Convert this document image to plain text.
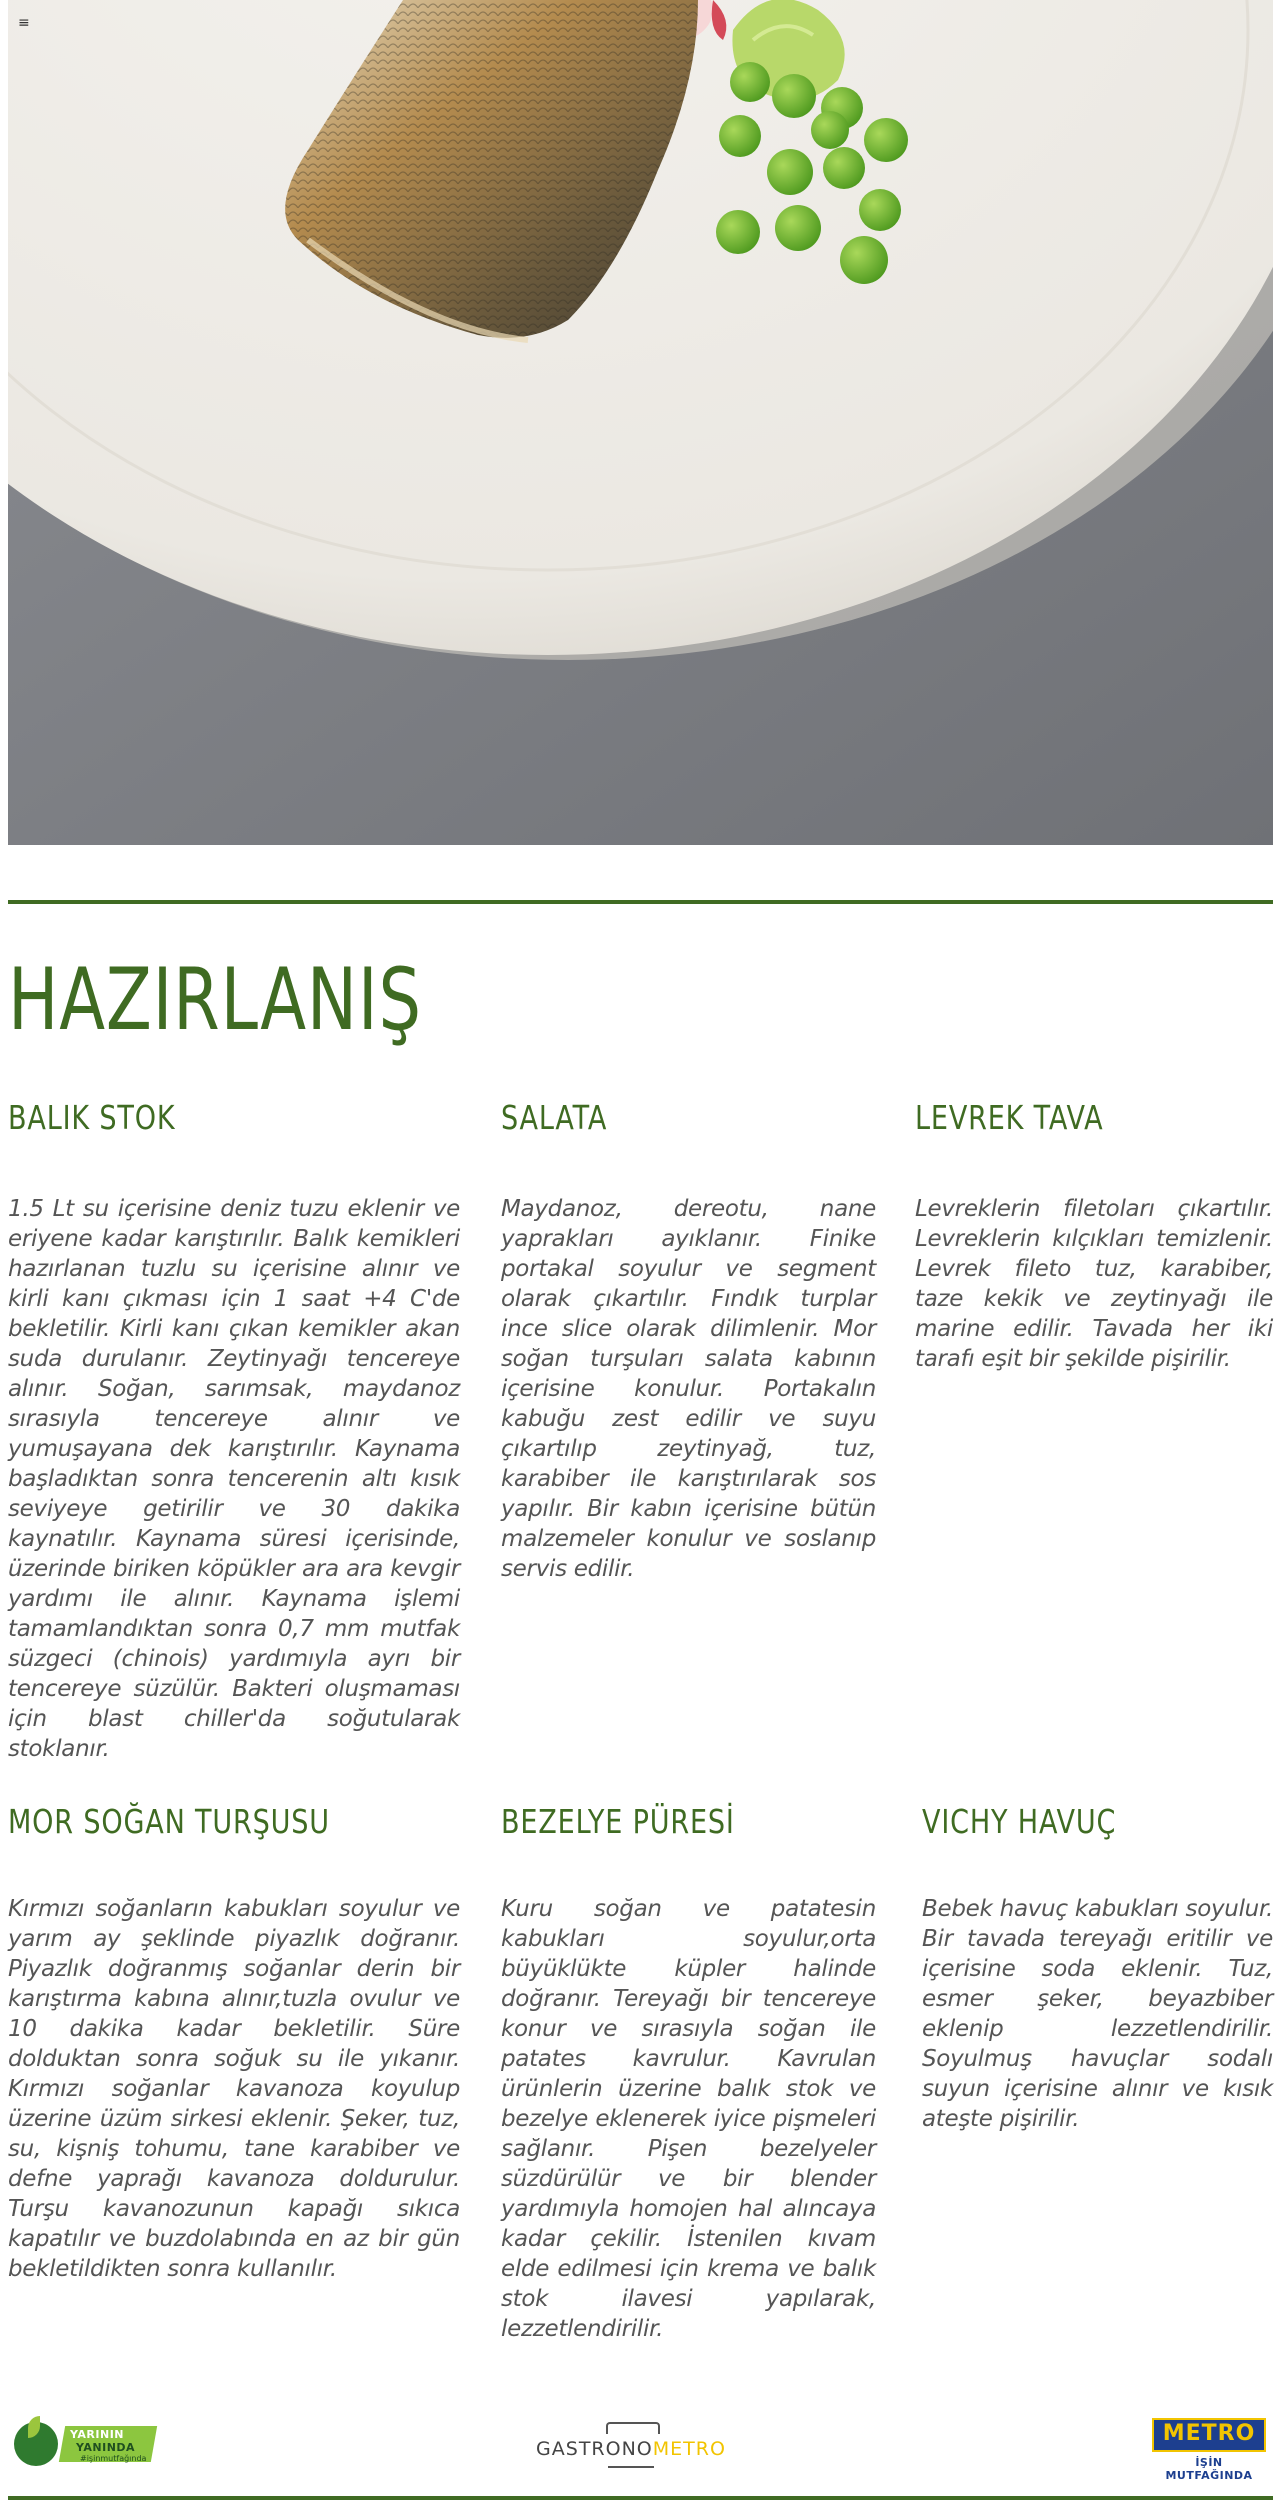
≡
HAZIRLANIŞ
BALIK STOK

1.5 Lt su içerisine deniz tuzu eklenir ve eriyene kadar karıştırılır. Balık kemikleri hazırlanan tuzlu su içerisine alınır ve kirli kanı çıkması için 1 saat +4 C'de bekletilir. Kirli kanı çıkan kemikler akan suda durulanır. Zeytinyağı tencereye alınır. Soğan, sarımsak, maydanoz sırasıyla tencereye alınır ve yumuşayana dek karıştırılır. Kaynama başladıktan sonra tencerenin altı kısık seviyeye getirilir ve 30 dakika kaynatılır. Kaynama süresi içerisinde, üzerinde biriken köpükler ara ara kevgir yardımı ile alınır. Kaynama işlemi tamamlandıktan sonra 0,7 mm mutfak süzgeci (chinois) yardımıyla ayrı bir tencereye süzülür. Bakteri oluşmaması için blast chiller'da soğutularak stoklanır.

SALATA

Maydanoz, dereotu, nane yaprakları ayıklanır. Finike portakal soyulur ve segment olarak çıkartılır. Fındık turplar ince slice olarak dilimlenir. Mor soğan turşuları salata kabının içerisine konulur. Portakalın kabuğu zest edilir ve suyu çıkartılıp zeytinyağ, tuz, karabiber ile karıştırılarak sos yapılır. Bir kabın içerisine bütün malzemeler konulur ve soslanıp servis edilir.

LEVREK TAVA

Levreklerin filetoları çıkartılır. Levreklerin kılçıkları temizlenir. Levrek fileto tuz, karabiber, taze kekik ve zeytinyağı ile marine edilir. Tavada her iki tarafı eşit bir şekilde pişirilir.

MOR SOĞAN TURŞUSU

Kırmızı soğanların kabukları soyulur ve yarım ay şeklinde piyazlık doğranır. Piyazlık doğranmış soğanlar derin bir karıştırma kabına alınır,tuzla ovulur ve 10 dakika kadar bekletilir. Süre dolduktan sonra soğuk su ile yıkanır. Kırmızı soğanlar kavanoza koyulup üzerine üzüm sirkesi eklenir. Şeker, tuz, su, kişniş tohumu, tane karabiber ve defne yaprağı kavanoza doldurulur. Turşu kavanozunun kapağı sıkıca kapatılır ve buzdolabında en az bir gün bekletildikten sonra kullanılır.

BEZELYE PÜRESİ

Kuru soğan ve patatesin kabukları soyulur,orta büyüklükte küpler halinde doğranır. Tereyağı bir tencereye konur ve sırasıyla soğan ile patates kavrulur. Kavrulan ürünlerin üzerine balık stok ve bezelye eklenerek iyice pişmeleri sağlanır. Pişen bezelyeler süzdürülür ve bir blender yardımıyla homojen hal alıncaya kadar çekilir. İstenilen kıvam elde edilmesi için krema ve balık stok ilavesi yapılarak, lezzetlendirilir.

VICHY HAVUÇ

Bebek havuç kabukları soyulur. Bir tavada tereyağı eritilir ve içerisine soda eklenir. Tuz, esmer şeker, beyazbiber eklenip lezzetlendirilir. Soyulmuş havuçlar sodalı suyun içerisine alınır ve kısık ateşte pişirilir.

YARININ
YANINDA
#işinmutfağında	GASTRONOMETRO
METRO
İŞİN MUTFAĞINDA
